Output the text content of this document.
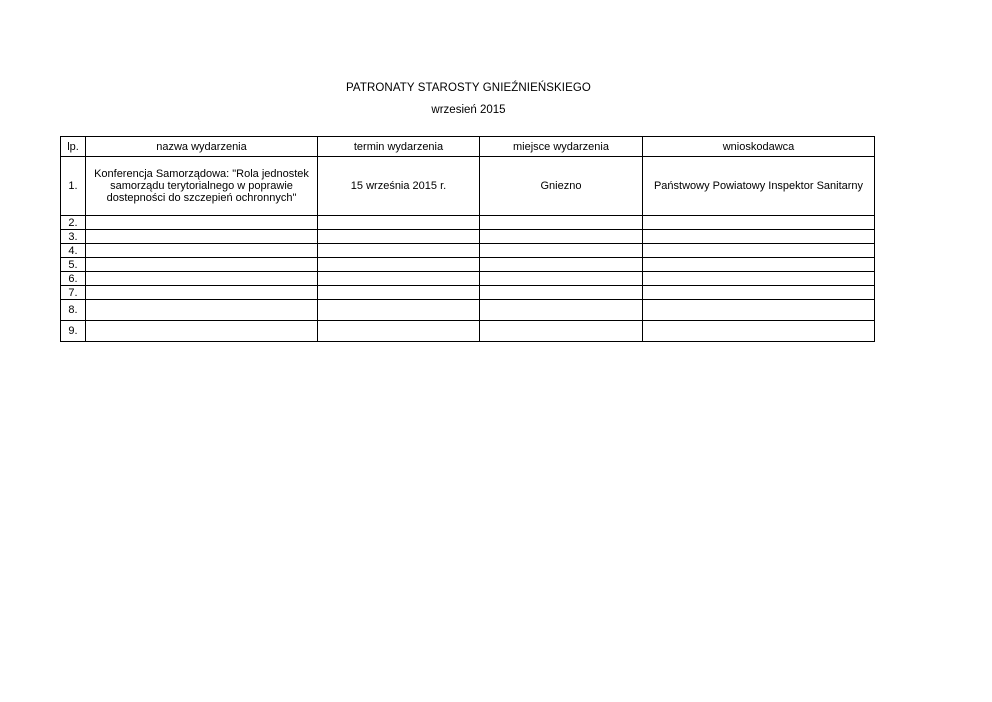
PATRONATY STAROSTY GNIEŹNIEŃSKIEGO
wrzesień 2015
lp.	nazwa wydarzenia	termin wydarzenia	miejsce wydarzenia	wnioskodawca
1.	Konferencja Samorządowa: "Rola jednostek samorządu terytorialnego w poprawie dostepności do szczepień ochronnych"	15 września 2015 r.	Gniezno	Państwowy Powiatowy Inspektor Sanitarny
2.				
3.				
4.				
5.				
6.				
7.				
8.				
9.				
